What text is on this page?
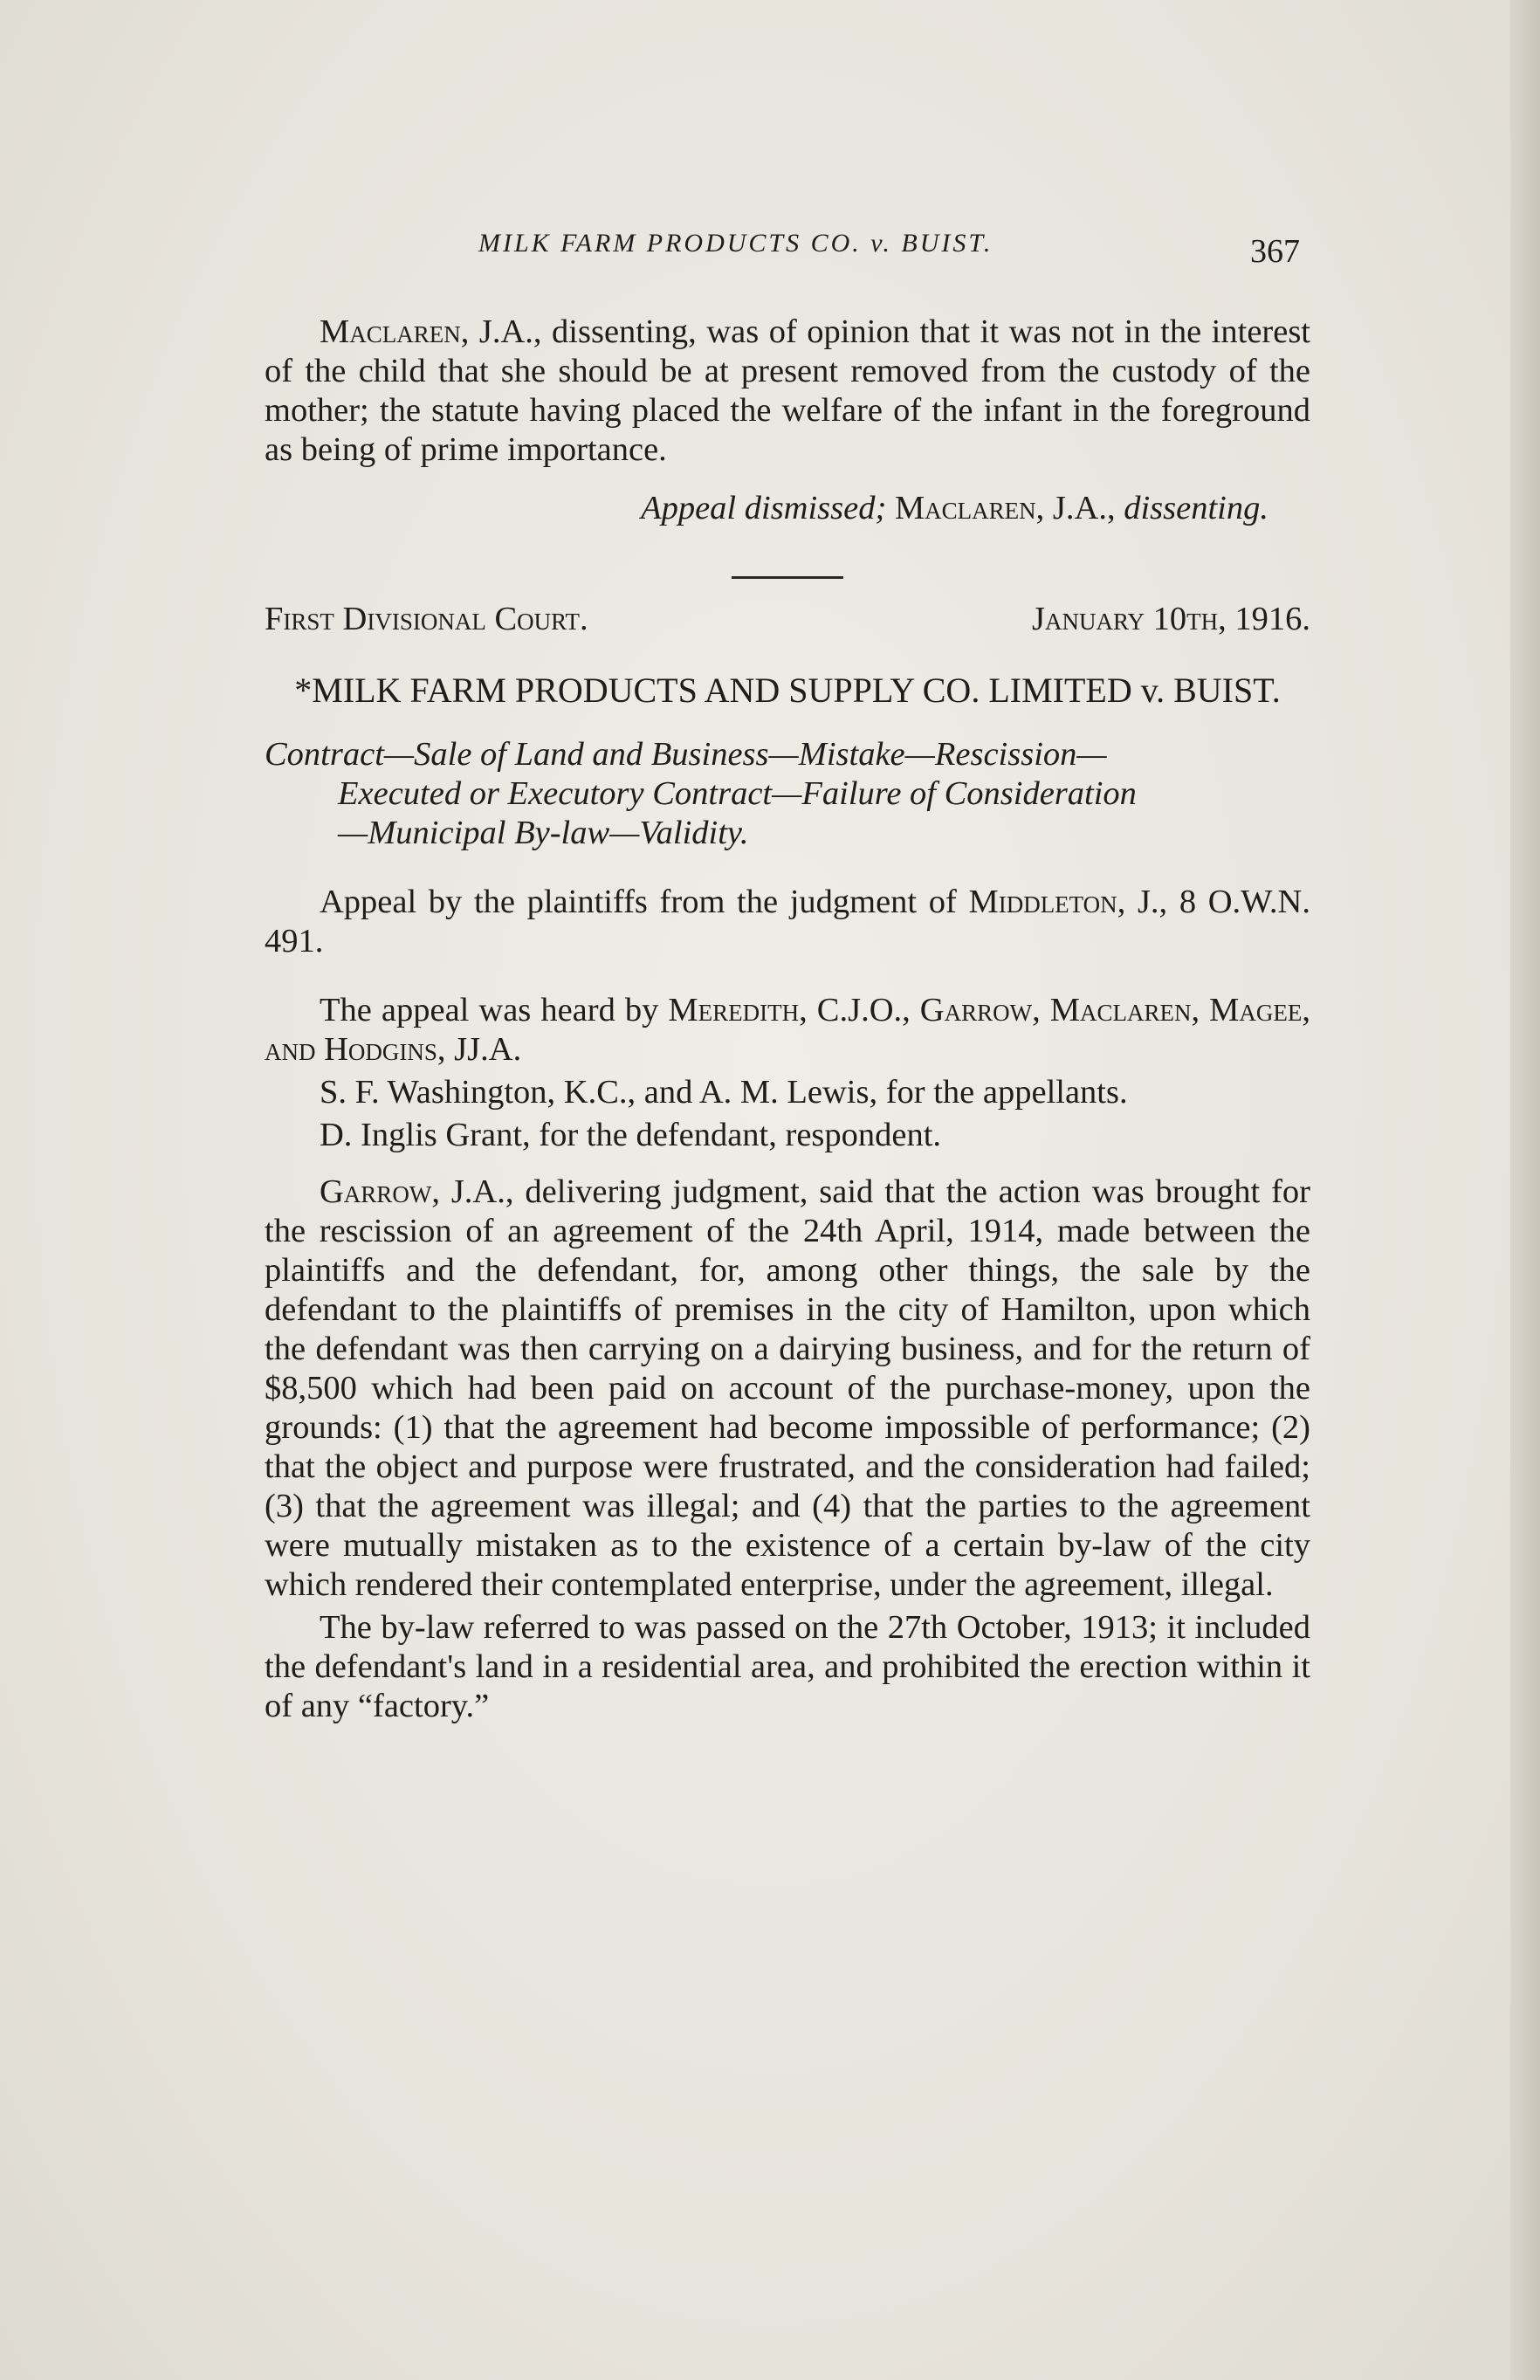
MILK FARM PRODUCTS CO. v. BUIST.	367

Maclaren, J.A., dissenting, was of opinion that it was not in the interest of the child that she should be at present removed from the custody of the mother; the statute having placed the welfare of the infant in the foreground as being of prime importance.

Appeal dismissed; Maclaren, J.A., dissenting.

First Divisional Court.	January 10th, 1916.

*MILK FARM PRODUCTS AND SUPPLY CO. LIMITED v. BUIST.

Contract—Sale of Land and Business—Mistake—Rescission—
Executed or Executory Contract—Failure of Consideration
—Municipal By-law—Validity.

Appeal by the plaintiffs from the judgment of Middleton, J., 8 O.W.N. 491.

The appeal was heard by Meredith, C.J.O., Garrow, Maclaren, Magee, and Hodgins, JJ.A.

S. F. Washington, K.C., and A. M. Lewis, for the appellants.

D. Inglis Grant, for the defendant, respondent.

Garrow, J.A., delivering judgment, said that the action was brought for the rescission of an agreement of the 24th April, 1914, made between the plaintiffs and the defendant, for, among other things, the sale by the defendant to the plaintiffs of premises in the city of Hamilton, upon which the defendant was then carrying on a dairying business, and for the return of $8,500 which had been paid on account of the purchase-money, upon the grounds: (1) that the agreement had become impossible of performance; (2) that the object and purpose were frustrated, and the consideration had failed; (3) that the agreement was illegal; and (4) that the parties to the agreement were mutually mistaken as to the existence of a certain by-law of the city which rendered their contemplated enterprise, under the agreement, illegal.

The by-law referred to was passed on the 27th October, 1913; it included the defendant's land in a residential area, and prohibited the erection within it of any “factory.”
